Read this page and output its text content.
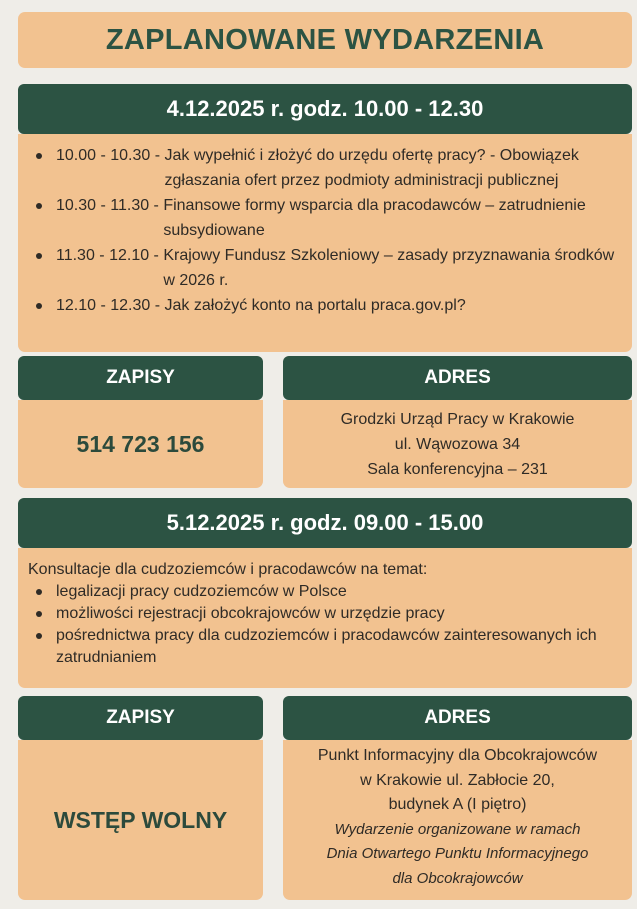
ZAPLANOWANE WYDARZENIA
4.12.2025 r. godz. 10.00 - 12.30
10.00 - 10.30 - Jak wypełnić i złożyć do urzędu ofertę pracy? - Obowiązek zgłaszania ofert przez podmioty administracji publicznej
10.30 - 11.30 - Finansowe formy wsparcia dla pracodawców – zatrudnienie subsydiowane
11.30 - 12.10 - Krajowy Fundusz Szkoleniowy – zasady przyznawania środków w 2026 r.
12.10 - 12.30 - Jak założyć konto na portalu praca.gov.pl?
ZAPISY	ADRES
514 723 156
Grodzki Urząd Pracy w Krakowie
ul. Wąwozowa 34
Sala konferencyjna – 231
5.12.2025 r. godz. 09.00 - 15.00
Konsultacje dla cudzoziemców i pracodawców na temat:
legalizacji pracy cudzoziemców w Polsce
możliwości rejestracji obcokrajowców w urzędzie pracy
pośrednictwa pracy dla cudzoziemców i pracodawców zainteresowanych ich zatrudnianiem
ZAPISY	ADRES
WSTĘP WOLNY
Punkt Informacyjny dla Obcokrajowców
w Krakowie ul. Zabłocie 20,
budynek A (I piętro)
Wydarzenie organizowane w ramach
Dnia Otwartego Punktu Informacyjnego
dla Obcokrajowców
